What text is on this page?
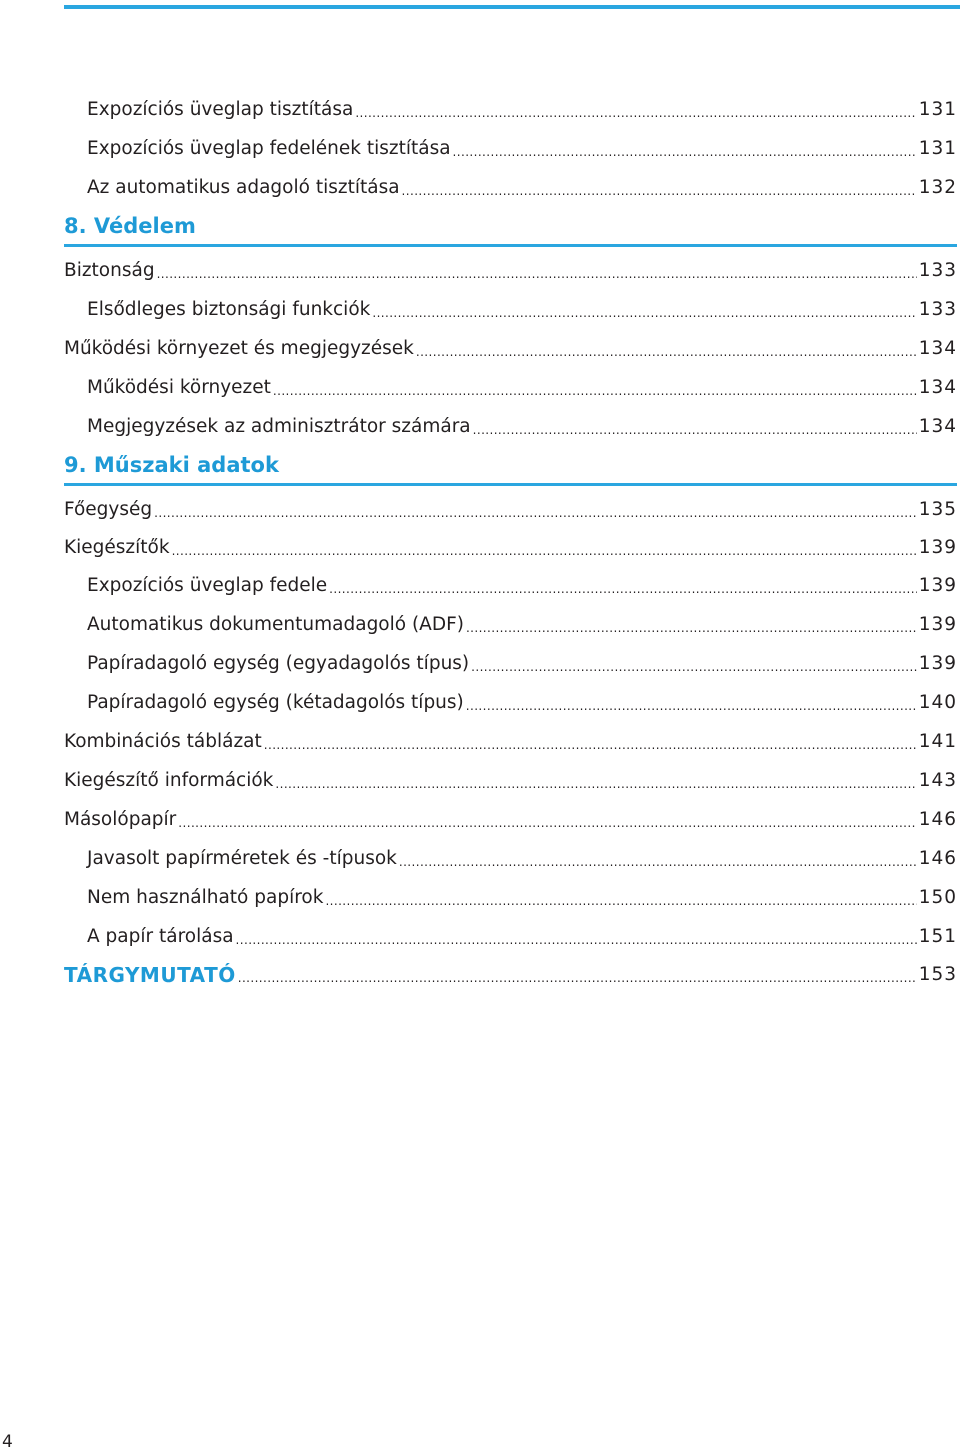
Expozíciós üveglap tisztítása .....	131
Expozíciós üveglap fedelének tisztítása .....	131
Az automatikus adagoló tisztítása .....	132
8. Védelem
Biztonság .....	133
Elsődleges biztonsági funkciók .....	133
Működési környezet és megjegyzések .....	134
Működési környezet .....	134
Megjegyzések az adminisztrátor számára .....	134
9. Műszaki adatok
Főegység .....	135
Kiegészítők .....	139
Expozíciós üveglap fedele .....	139
Automatikus dokumentumadagoló (ADF) .....	139
Papíradagoló egység (egyadagolós típus) .....	139
Papíradagoló egység (kétadagolós típus) .....	140
Kombinációs táblázat .....	141
Kiegészítő információk .....	143
Másolópapír .....	146
Javasolt papírméretek és -típusok .....	146
Nem használható papírok .....	150
A papír tárolása .....	151
TÁRGYMUTATÓ .....	153
4
